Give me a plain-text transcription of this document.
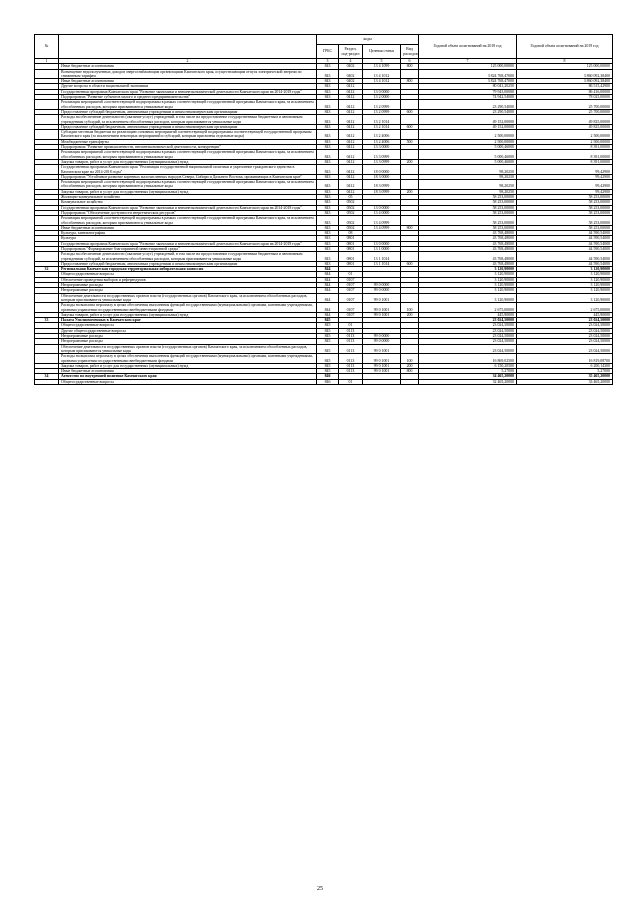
№		коды				Годовой объем ассигнований на 2018 год	Годовой объем ассигнований на 2019 год
		ГРБС	Раздел, под-раздел	Целевая статья	Вид расходов		
1	2	3	4	5	6	7	8
	Иные бюджетные ассигнования	843	0402	13 4 1099	800	125 000,00000	125 000,00000
	Возмещение недополученных доходов энергоснабжающим организациям Камчатского края, осуществляющим отпуск электрической энергии по сниженным тарифам	843	0402	13 4 1012		3 824 768,47000	3 860 092,38400
	Иные бюджетные ассигнования	843	0402	13 4 1012	800	3 824 768,47000	3 860 092,38400
	Другие вопросы в области национальной экономики	843	0412			80 041,20250	86 515,42900
	Государственная программа Камчатского края "Развитие экономики и внешнеэкономической деятельности Камчатского края на 2014-2018 годы"	843	0412	13 0 0000		79 943,00000	86 416,00000
	Подпрограмма "Развитие субъектов малого и среднего предпринимательства"	843	0412	13 2 0000		74 942,54000	78 025,00000
	Реализация мероприятий «соответствующей подпрограммы в рамках соответствующей государственной программы Камчатского края, за исключением обособленных расходов, которым присваиваются уникальные коды	843	0412	13 2 0999		23 290,54000	25 700,00000
	Предоставление субсидий бюджетным, автономным учреждениям и иным некоммерческим организациям	843	0412	13 2 0999	600	23 290,54000	25 700,00000
	Расходы на обеспечение деятельности (оказание услуг) учреждений, в том числе на предоставление государственным бюджетным и автономным учреждениям субсидий, за исключением обособленных расходов, которым присваиваются уникальные коды	843	0412	13 2 1014		49 152,00000	49 825,00000
	Предоставление субсидий бюджетным, автономным учреждениям и иным некоммерческим организациям	843	0412	13 2 1014	600	49 152,00000	49 825,00000
	Субсидии местным бюджетам на реализацию основных мероприятий соответствующей подпрограммы соответствующей государственной программы Камчатского края (за исключением некоторых мероприятий и субсидий, которым присвоены отдельные коды)	843	0412	13 2 4006		2 500,00000	2 500,00000
	Межбюджетные трансферты	843	0412	13 2 4006	500	2 500,00000	2 500,00000
	Подпрограмма "Развитие промышленности, внешнеэкономической деятельности, конкуренции"	843	0412	13 3 0000		5 000,46000	8 391,00000
	Реализация мероприятий «соответствующей подпрограммы в рамках соответствующей государственной программы Камчатского края, за исключением обособленных расходов, которым присваиваются уникальные коды	843	0412	13 3 0999		5 000,46000	8 391,00000
	Закупка товаров, работ и услуг для государственных (муниципальных) нужд	843	0412	13 3 0999	200	5 000,46000	8 391,00000
	Государственная программа Камчатского края "Реализация государственной национальной политики и укрепление гражданского единства в Камчатском крае на 2014-2018 годы"	843	0412	18 0 0000		98,20250	99,42900
	Подпрограмма "Устойчивое развитие коренных малочисленных народов Севера, Сибири и Дальнего Востока, проживающих в Камчатском крае"	843	0412	18 3 0000		98,20250	99,42900
	Реализация мероприятий «соответствующей подпрограммы в рамках соответствующей государственной программы Камчатского края, за исключением обособленных расходов, которым присваиваются уникальные коды	843	0412	18 3 0999		98,20250	99,42900
	Закупка товаров, работ и услуг для государственных (муниципальных) нужд	843	0412	18 3 0999	200	98,20250	99,42900
	Жилищно-коммунальное хозяйство	843	05			58 253,00000	58 253,00000
	Коммунальное хозяйство	843	0502			58 253,00000	58 253,00000
	Государственная программа Камчатского края "Развитие экономики и внешнеэкономической деятельности Камчатского края на 2014-2018 годы"	843	0502	13 0 0000		58 253,00000	58 253,00000
	Подпрограмма "Обеспечение доступности энергетических ресурсов"	843	0502	13 4 0000		58 253,00000	58 253,00000
	Реализация мероприятий «соответствующей подпрограммы в рамках соответствующей государственной программы Камчатского края, за исключением обособленных расходов, которым присваиваются уникальные коды	843	0502	13 4 0999		58 253,00000	58 253,00000
	Иные бюджетные ассигнования	843	0502	13 4 0999	800	58 253,00000	58 253,00000
	Культура, кинематография	843	08			43 768,48000	44 590,54000
	Культура	843	0801			43 768,48000	44 590,54000
	Государственная программа Камчатского края "Развитие экономики и внешнеэкономической деятельности Камчатского края на 2014-2018 годы"	843	0801	13 0 0000		43 768,48000	44 590,54000
	Подпрограмма "Формирование благоприятной инвестиционной среды"	843	0801	13 1 0000		43 768,48000	44 590,54000
	Расходы на обеспечение деятельности (оказание услуг) учреждений, в том числе на предоставление государственным бюджетным и автономным учреждениям субсидий, за исключением обособленных расходов, которым присваиваются уникальные коды	843	0801	13 1 1014		43 768,48000	44 590,54000
	Предоставление субсидий бюджетным, автономным учреждениям и иным некоммерческим организациям	843	0801	13 1 1014	600	43 768,48000	44 590,54000
32	Региональная Камчатская городская территориальная избирательная комиссия	844				3 120,90000	3 120,90000
	Общегосударственные вопросы	844	01			3 120,90000	3 120,90000
	Обеспечение проведения выборов и референдумов	844	0107			3 120,90000	3 120,90000
	Непрограммные расходы	844	0107	99 0 0000		3 120,90000	3 120,90000
	Непрограммные расходы	844	0107	99 0 0000		3 120,90000	3 120,90000
	Обеспечение деятельности государственных органов власти (государственных органов) Камчатского края, за исключением обособленных расходов, которым присваиваются уникальные коды	844	0107	99 0 1001		3 120,90000	3 120,90000
	Расходы на выплаты персоналу в целях обеспечения выполнения функций государственными (муниципальными) органами, казенными учреждениями, органами управления государственными внебюджетными фондами	844	0107	99 0 1001	100	2 675,00000	2 675,00000
	Закупка товаров, работ и услуг для государственных (муниципальных) нужд	844	0107	99 0 1001	200	445,90000	445,90000
33	Палата Уполномоченных в Камчатском крае	845				23 024,50000	23 024,50000
	Общегосударственные вопросы	845	01			23 024,50000	23 024,50000
	Другие общегосударственные вопросы	845	0113			23 024,50000	23 024,50000
	Непрограммные расходы	845	0113	99 0 0000		23 024,50000	23 024,50000
	Непрограммные расходы	845	0113	99 0 0000		23 024,50000	23 024,50000
	Обеспечение деятельности государственных органов власти (государственных органов) Камчатского края, за исключением обособленных расходов, которым присваиваются уникальные коды	845	0113	99 0 1001		23 024,50000	23 024,50000
	Расходы на выплаты персоналу в целях обеспечения выполнения функций государственными (муниципальными) органами, казенными учреждениями, органами управления государственными внебюджетными фондами	845	0113	99 0 1001	100	16 869,02500	16 819,08700
	Закупка товаров, работ и услуг для государственных (муниципальных) нужд	845	0113	99 0 1001	200	6 150,20500	6 200,14300
	Иные бюджетные ассигнования	845	0113	99 0 1001	800	5,27000	5,27000
34	Агентство по внутренней политике Камчатского края	846				34 465,20000	35 465,20000
	Общегосударственные вопросы	846	01			32 465,20000	33 465,20000
25
